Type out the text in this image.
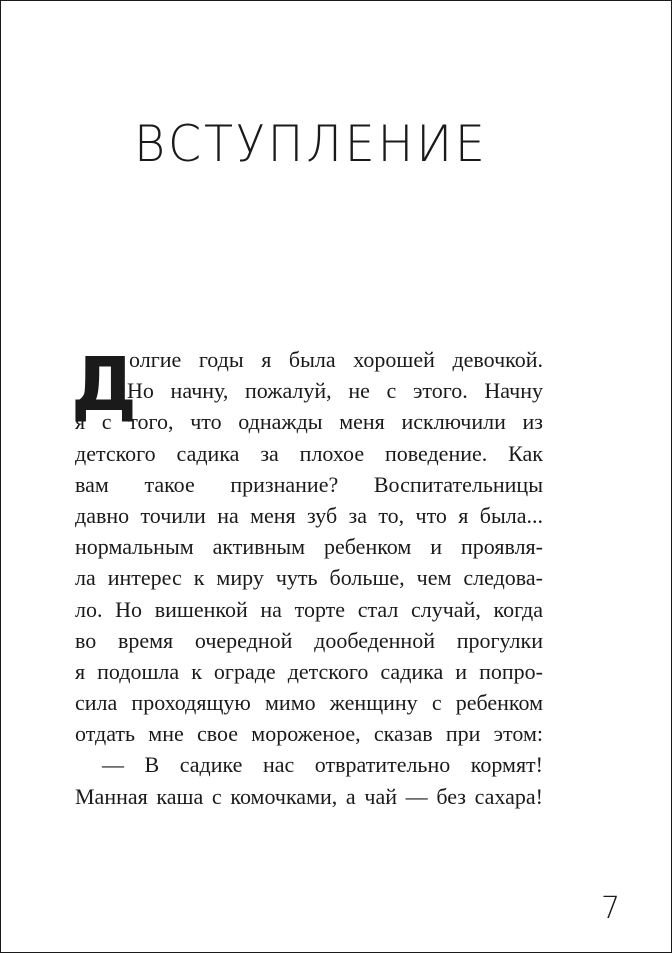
ВСТУПЛЕНИЕ
Д
олгие годы я была хорошей девочкой.
Но начну, пожалуй, не с этого. Начну
я с того, что однажды меня исключили из
детского садика за плохое поведение. Как
вам такое признание? Воспитательницы
давно точили на меня зуб за то, что я была...
нормальным активным ребенком и проявля-
ла интерес к миру чуть больше, чем следова-
ло. Но вишенкой на торте стал случай, когда
во время очередной дообеденной прогулки
я подошла к ограде детского садика и попро-
сила проходящую мимо женщину с ребенком
отдать мне свое мороженое, сказав при этом:
— В садике нас отвратительно кормят!
Манная каша с комочками, а чай — без сахара!
7
